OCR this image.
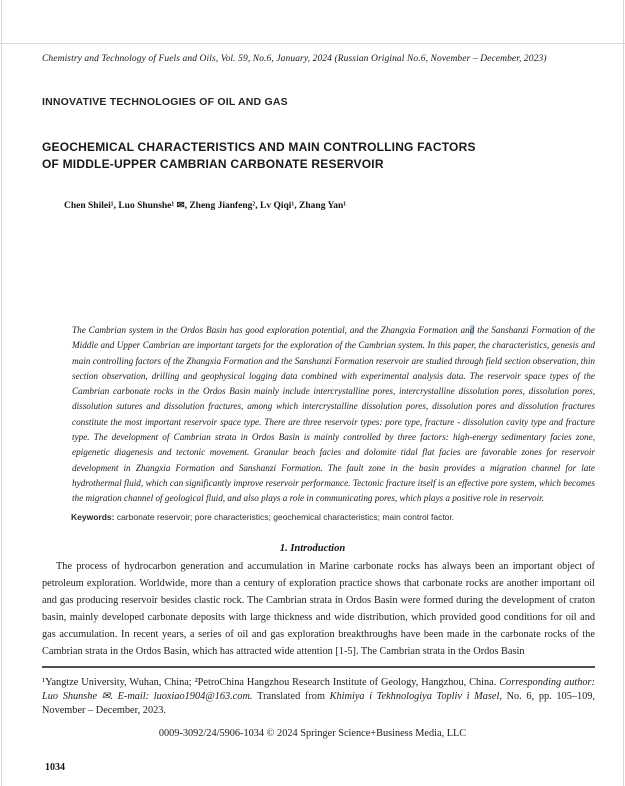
Chemistry and Technology of Fuels and Oils, Vol. 59, No.6, January, 2024 (Russian Original No.6, November – December, 2023)
INNOVATIVE TECHNOLOGIES OF OIL AND GAS
GEOCHEMICAL CHARACTERISTICS AND MAIN CONTROLLING FACTORS
OF MIDDLE-UPPER CAMBRIAN CARBONATE RESERVOIR
Chen Shilei¹, Luo Shunshe¹ ✉, Zheng Jianfeng², Lv Qiqi¹, Zhang Yan¹

The Cambrian system in the Ordos Basin has good exploration potential, and the Zhangxia Formation and the Sanshanzi Formation of the Middle and Upper Cambrian are important targets for the exploration of the Cambrian system. In this paper, the characteristics, genesis and main controlling factors of the Zhangxia Formation and the Sanshanzi Formation reservoir are studied through field section observation, thin section observation, drilling and geophysical logging data combined with experimental analysis data. The reservoir space types of the Cambrian carbonate rocks in the Ordos Basin mainly include intercrystalline pores, intercrystalline dissolution pores, dissolution pores, dissolution sutures and dissolution fractures, among which intercrystalline dissolution pores, dissolution pores and dissolution fractures constitute the most important reservoir space type. There are three reservoir types: pore type, fracture - dissolution cavity type and fracture type. The development of Cambrian strata in Ordos Basin is mainly controlled by three factors: high-energy sedimentary facies zone, epigenetic diagenesis and tectonic movement. Granular beach facies and dolomite tidal flat facies are favorable zones for reservoir development in Zhangxia Formation and Sanshanzi Formation. The fault zone in the basin provides a migration channel for late hydrothermal fluid, which can significantly improve reservoir performance. Tectonic fracture itself is an effective pore system, which becomes the migration channel of geological fluid, and also plays a role in communicating pores, which plays a positive role in reservoir.

Keywords: carbonate reservoir; pore characteristics; geochemical characteristics; main control factor.
1. Introduction

The process of hydrocarbon generation and accumulation in Marine carbonate rocks has always been an important object of petroleum exploration. Worldwide, more than a century of exploration practice shows that carbonate rocks are another important oil and gas producing reservoir besides clastic rock. The Cambrian strata in Ordos Basin were formed during the development of craton basin, mainly developed carbonate deposits with large thickness and wide distribution, which provided good conditions for oil and gas accumulation. In recent years, a series of oil and gas exploration breakthroughs have been made in the carbonate rocks of the Cambrian strata in the Ordos Basin, which has attracted wide attention [1-5]. The Cambrian strata in the Ordos Basin

¹Yangtze University, Wuhan, China; ²PetroChina Hangzhou Research Institute of Geology, Hangzhou, China. Corresponding author: Luo Shunshe ✉. E-mail: luoxiao1904@163.com. Translated from Khimiya i Tekhnologiya Topliv i Masel, No. 6, pp. 105–109, November – December, 2023.

0009-3092/24/5906-1034 © 2024 Springer Science+Business Media, LLC
1034
